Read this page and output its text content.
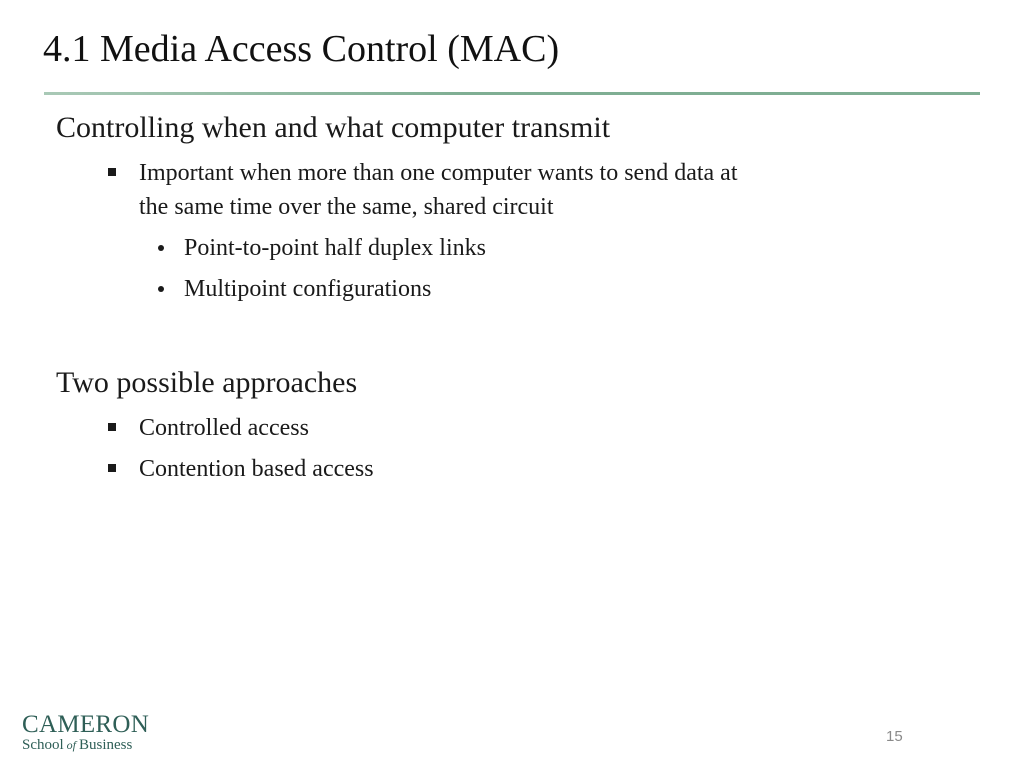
4.1 Media Access Control (MAC)
Controlling when and what computer transmit
Important when more than one computer wants to send data at
the same time over the same, shared circuit
Point-to-point half duplex links
Multipoint configurations
Two possible approaches
Controlled access
Contention based access
CAMERON
School of Business	15
